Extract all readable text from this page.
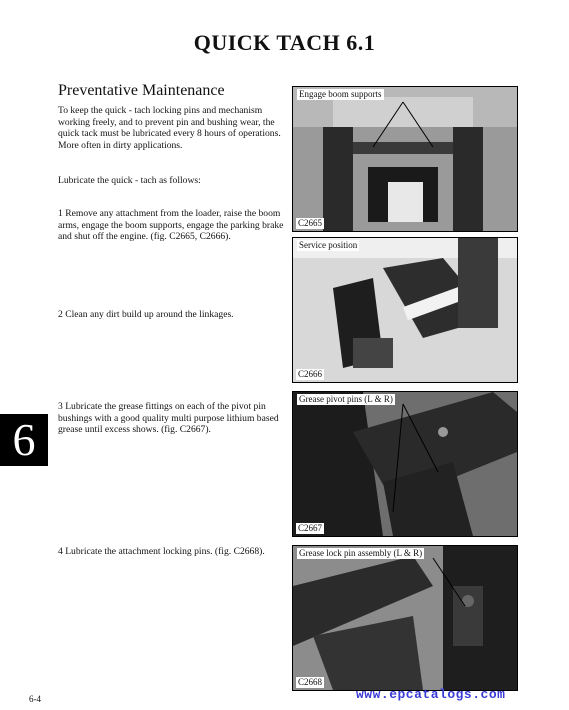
QUICK TACH 6.1
Preventative Maintenance
To keep the quick - tach locking pins and mechanism working freely, and to prevent pin and bushing wear, the quick tack must be lubricated every 8 hours of operations. More often in dirty applications.
Lubricate the quick - tach as follows:
1 Remove any attachment from the loader, raise the boom arms, engage the boom supports, engage the parking brake and shut off the engine. (fig. C2665, C2666).
2 Clean any dirt build up around the linkages.
3 Lubricate the grease fittings on each of the pivot pin bushings with a good quality multi purpose lithium based grease until excess shows. (fig. C2667).
4 Lubricate the attachment locking pins. (fig. C2668).
6
Engage boom supports
C2665
Service position
C2666
Grease pivot pins (L & R)
C2667
Grease lock pin assembly (L & R)
C2668
6-4	www.epcatalogs.com
